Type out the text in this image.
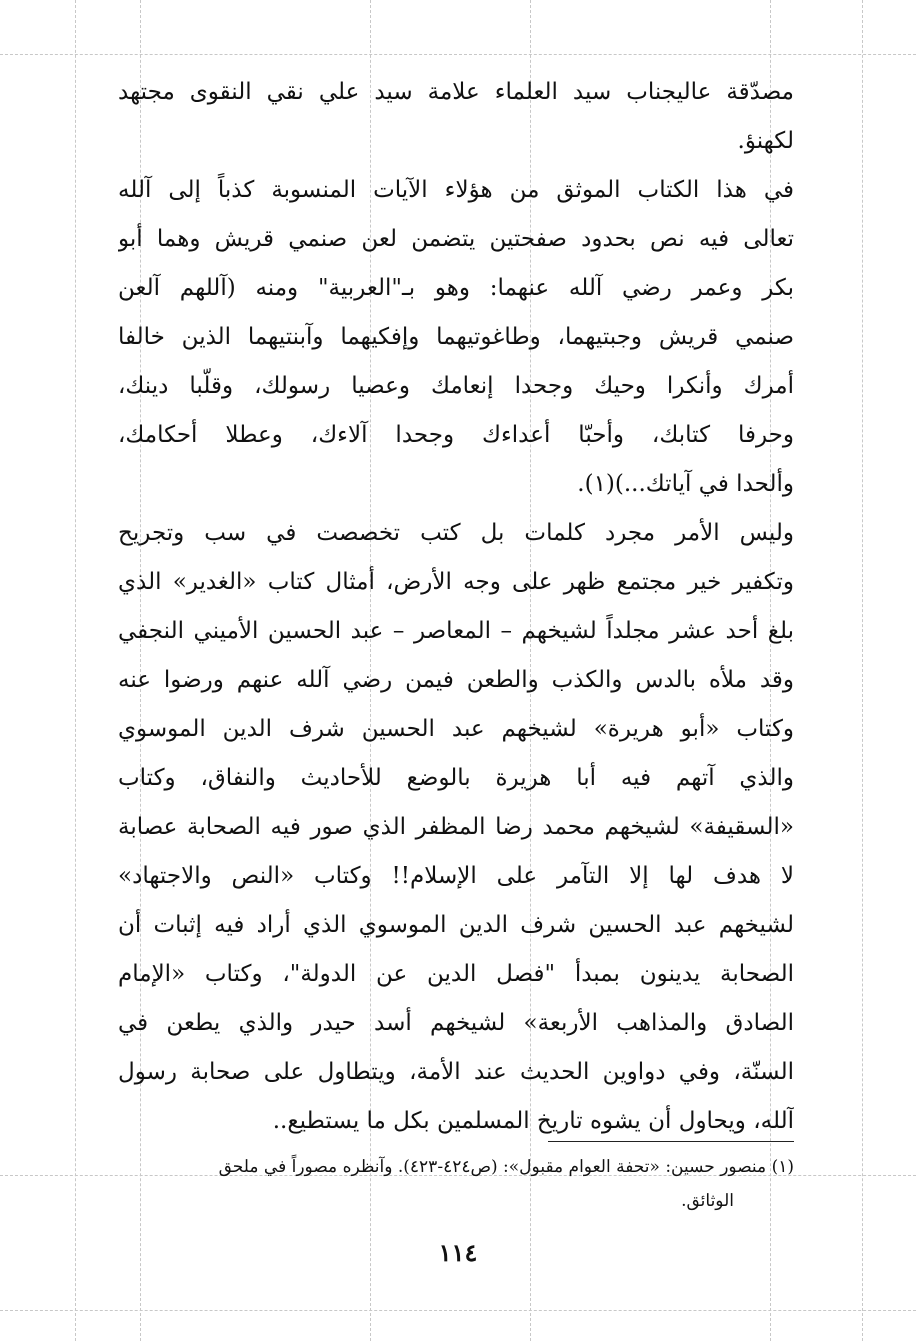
مصدّقة عاليجناب سيد العلماء علامة سيد علي نقي النقوى مجتهد
لكهنؤ.
في هذا الكتاب الموثق من هؤلاء الآيات المنسوبة كذباً إلى آلله
تعالى فيه نص بحدود صفحتين يتضمن لعن صنمي قريش وهما أبو
بكر وعمر رضي آلله عنهما: وهو بـ"العربية" ومنه (آللهم آلعن
صنمي قريش وجبتيهما، وطاغوتيهما وإفكيهما وآبنتيهما الذين خالفا
أمرك وأنكرا وحيك وجحدا إنعامك وعصيا رسولك، وقلّبا دينك،
وحرفا كتابك، وأحبّا أعداءك وجحدا آلاءك، وعطلا أحكامك،
وألحدا في آياتك...)(١).
وليس الأمر مجرد كلمات بل كتب تخصصت في سب وتجريح
وتكفير خير مجتمع ظهر على وجه الأرض، أمثال كتاب «الغدير» الذي
بلغ أحد عشر مجلداً لشيخهم – المعاصر – عبد الحسين الأميني النجفي
وقد ملأه بالدس والكذب والطعن فيمن رضي آلله عنهم ورضوا عنه
وكتاب «أبو هريرة» لشيخهم عبد الحسين شرف الدين الموسوي
والذي آتهم فيه أبا هريرة بالوضع للأحاديث والنفاق، وكتاب
«السقيفة» لشيخهم محمد رضا المظفر الذي صور فيه الصحابة عصابة
لا هدف لها إلا التآمر على الإسلام!! وكتاب «النص والاجتهاد»
لشيخهم عبد الحسين شرف الدين الموسوي الذي أراد فيه إثبات أن
الصحابة يدينون بمبدأ "فصل الدين عن الدولة"، وكتاب «الإمام
الصادق والمذاهب الأربعة» لشيخهم أسد حيدر والذي يطعن في
السنّة، وفي دواوين الحديث عند الأمة، ويتطاول على صحابة رسول
آلله، ويحاول أن يشوه تاريخ المسلمين بكل ما يستطيع..
(١) منصور حسين: «تحفة العوام مقبول»: (ص٤٢٤-٤٢٣). وآنظره مصوراً في ملحق
الوثائق.
١١٤
